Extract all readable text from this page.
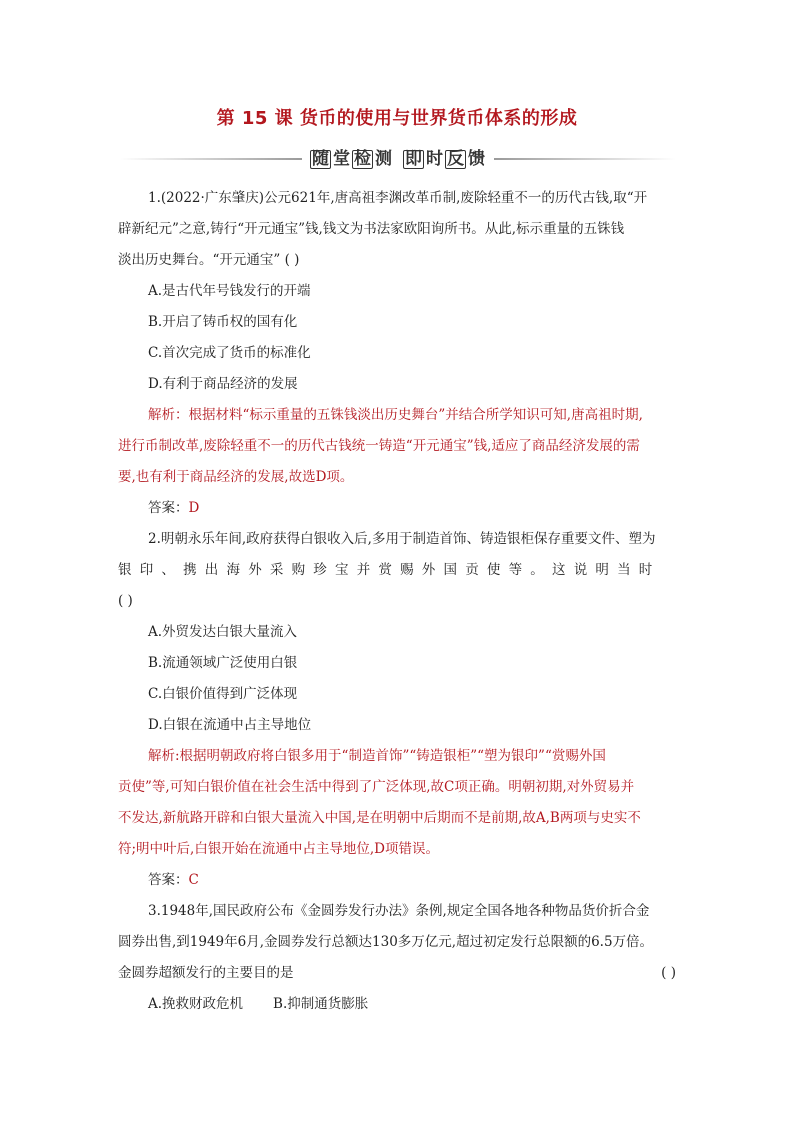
第 15 课 货币的使用与世界货币体系的形成
随 堂 检 测 即 时 反 馈
1.(2022·广东肇庆)公元621年,唐高祖李渊改革币制,废除轻重不一的历代古钱,取“开
辟新纪元”之意,铸行“开元通宝”钱,钱文为书法家欧阳询所书。从此,标示重量的五铢钱
淡出历史舞台。“开元通宝” ( )
A.是古代年号钱发行的开端
B.开启了铸币权的国有化
C.首次完成了货币的标准化
D.有利于商品经济的发展
解析：根据材料“标示重量的五铢钱淡出历史舞台”并结合所学知识可知,唐高祖时期,
进行币制改革,废除轻重不一的历代古钱统一铸造“开元通宝”钱,适应了商品经济发展的需
要,也有利于商品经济的发展,故选D项。
答案：D
2.明朝永乐年间,政府获得白银收入后,多用于制造首饰、铸造银柜保存重要文件、塑为
银印、携出海外采购珍宝并赏赐外国贡使等。这说明当时
( )
A.外贸发达白银大量流入
B.流通领域广泛使用白银
C.白银价值得到广泛体现
D.白银在流通中占主导地位
解析:根据明朝政府将白银多用于“制造首饰”“铸造银柜”“塑为银印”“赏赐外国
贡使”等,可知白银价值在社会生活中得到了广泛体现,故C项正确。明朝初期,对外贸易并
不发达,新航路开辟和白银大量流入中国,是在明朝中后期而不是前期,故A,B两项与史实不
符;明中叶后,白银开始在流通中占主导地位,D项错误。
答案：C
3.1948年,国民政府公布《金圆券发行办法》条例,规定全国各地各种物品货价折合金
圆券出售,到1949年6月,金圆券发行总额达130多万亿元,超过初定发行总限额的6.5万倍。
金圆券超额发行的主要目的是	( )
A.挽救财政危机 B.抑制通货膨胀
